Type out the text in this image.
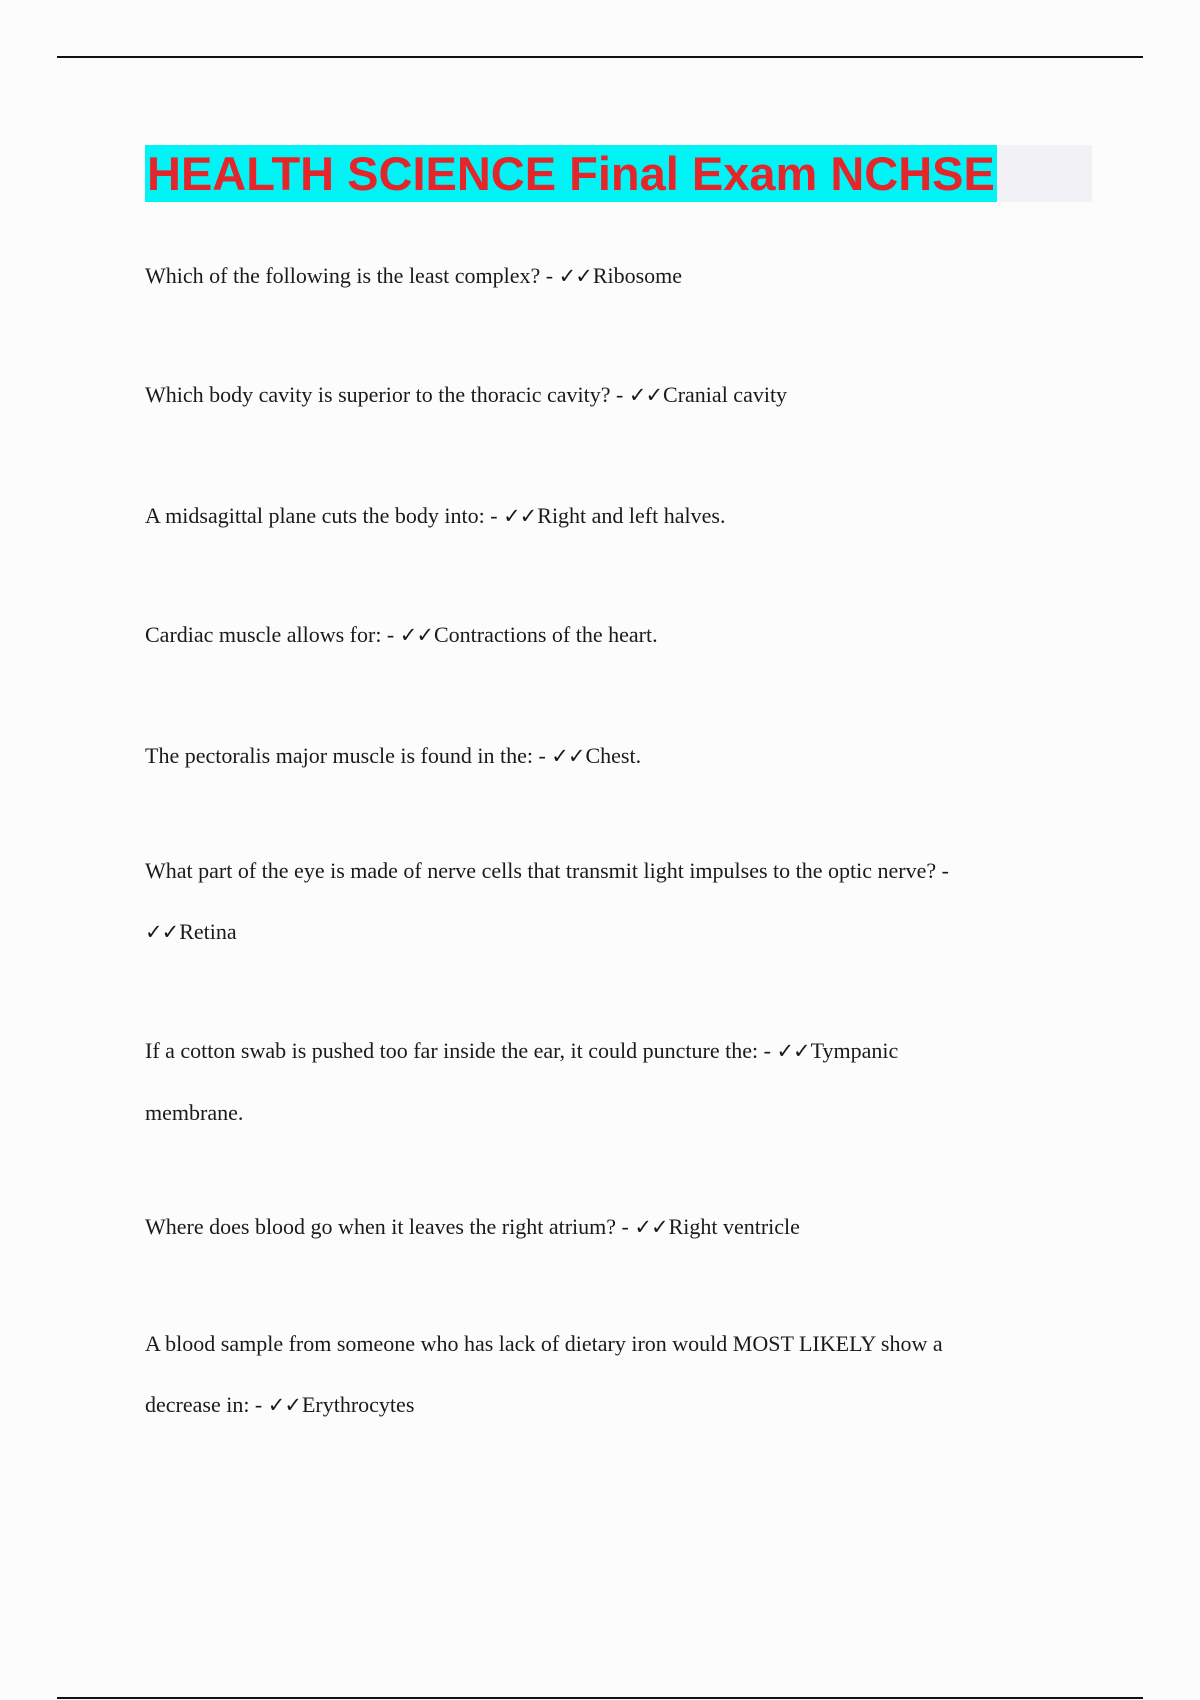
HEALTH SCIENCE Final Exam NCHSE
Which of the following is the least complex? - ✓✓Ribosome
Which body cavity is superior to the thoracic cavity? - ✓✓Cranial cavity
A midsagittal plane cuts the body into: - ✓✓Right and left halves.
Cardiac muscle allows for: - ✓✓Contractions of the heart.
The pectoralis major muscle is found in the: - ✓✓Chest.
What part of the eye is made of nerve cells that transmit light impulses to the optic nerve? -
✓✓Retina
If a cotton swab is pushed too far inside the ear, it could puncture the: - ✓✓Tympanic
membrane.
Where does blood go when it leaves the right atrium? - ✓✓Right ventricle
A blood sample from someone who has lack of dietary iron would MOST LIKELY show a
decrease in: - ✓✓Erythrocytes
